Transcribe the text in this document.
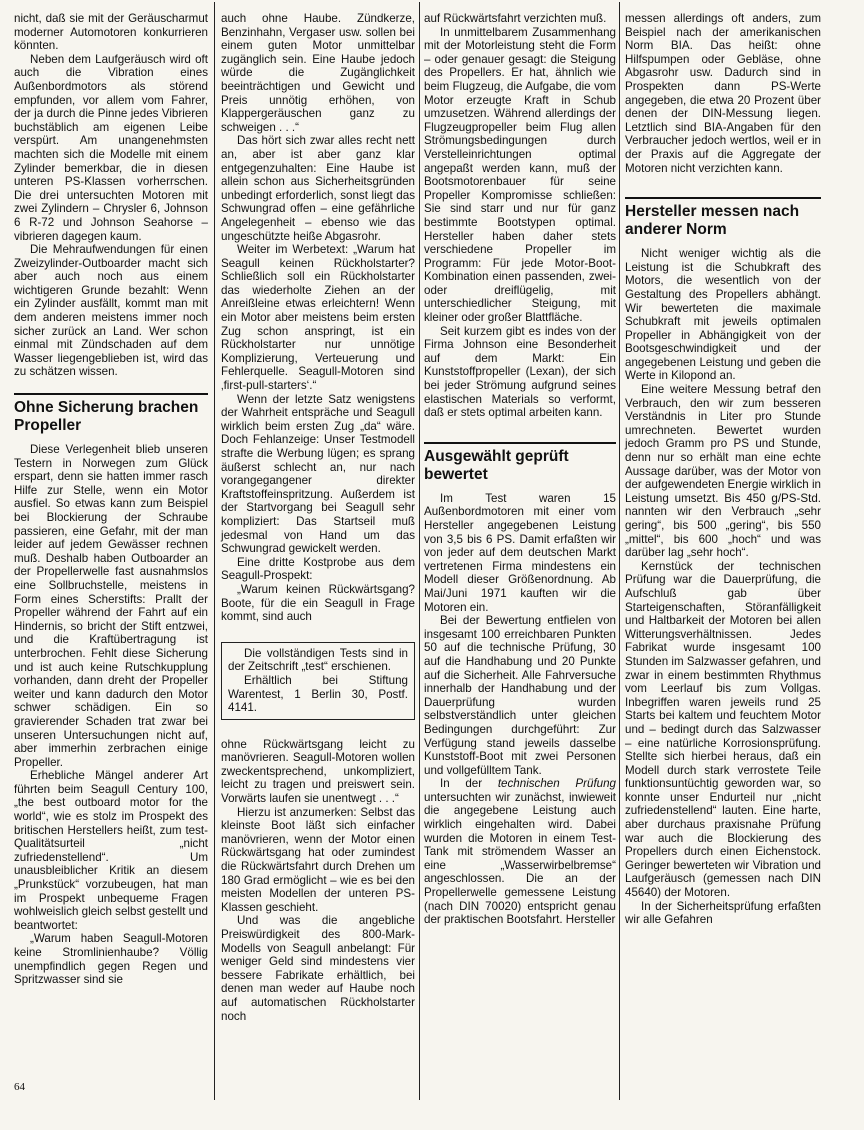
nicht, daß sie mit der Geräuscharmut moderner Automotoren konkurrieren könnten.

Neben dem Laufgeräusch wird oft auch die Vibration eines Außenbordmotors als störend empfunden, vor allem vom Fahrer, der ja durch die Pinne jedes Vibrieren buchstäblich am eigenen Leibe verspürt. Am unangenehmsten machten sich die Modelle mit einem Zylinder bemerkbar, die in diesen unteren PS-Klassen vorherrschen. Die drei untersuchten Motoren mit zwei Zylindern – Chrysler 6, Johnson 6 R-72 und Johnson Seahorse – vibrieren dagegen kaum.

Die Mehraufwendungen für einen Zweizylinder-Outboarder macht sich aber auch noch aus einem wichtigeren Grunde bezahlt: Wenn ein Zylinder ausfällt, kommt man mit dem anderen meistens immer noch sicher zurück an Land. Wer schon einmal mit Zündschaden auf dem Wasser liegengeblieben ist, wird das zu schätzen wissen.

Ohne Sicherung brachen Propeller

Diese Verlegenheit blieb unseren Testern in Norwegen zum Glück erspart, denn sie hatten immer rasch Hilfe zur Stelle, wenn ein Motor ausfiel. So etwas kann zum Beispiel bei Blockierung der Schraube passieren, eine Gefahr, mit der man leider auf jedem Gewässer rechnen muß. Deshalb haben Outboarder an der Propellerwelle fast ausnahmslos eine Sollbruchstelle, meistens in Form eines Scherstifts: Prallt der Propeller während der Fahrt auf ein Hindernis, so bricht der Stift entzwei, und die Kraftübertragung ist unterbrochen. Fehlt diese Sicherung und ist auch keine Rutschkupplung vorhanden, dann dreht der Propeller weiter und kann dadurch den Motor schwer schädigen. Ein so gravierender Schaden trat zwar bei unseren Untersuchungen nicht auf, aber immerhin zerbrachen einige Propeller.

Erhebliche Mängel anderer Art führten beim Seagull Century 100, „the best outboard motor for the world“, wie es stolz im Prospekt des britischen Herstellers heißt, zum test-Qualitätsurteil „nicht zufriedenstellend“. Um unausbleiblicher Kritik an diesem „Prunkstück“ vorzubeugen, hat man im Prospekt unbequeme Fragen wohlweislich gleich selbst gestellt und beantwortet:

„Warum haben Seagull-Motoren keine Stromlinienhaube? Völlig unempfindlich gegen Regen und Spritzwasser sind sie

auch ohne Haube. Zündkerze, Benzinhahn, Vergaser usw. sollen bei einem guten Motor unmittelbar zugänglich sein. Eine Haube jedoch würde die Zugänglichkeit beeinträchtigen und Gewicht und Preis unnötig erhöhen, von Klappergeräuschen ganz zu schweigen . . .“

Das hört sich zwar alles recht nett an, aber ist aber ganz klar entgegenzuhalten: Eine Haube ist allein schon aus Sicherheitsgründen unbedingt erforderlich, sonst liegt das Schwungrad offen – eine gefährliche Angelegenheit – ebenso wie das ungeschützte heiße Abgasrohr.

Weiter im Werbetext: „Warum hat Seagull keinen Rückholstarter? Schließlich soll ein Rückholstarter das wiederholte Ziehen an der Anreißleine etwas erleichtern! Wenn ein Motor aber meistens beim ersten Zug schon anspringt, ist ein Rückholstarter nur unnötige Komplizierung, Verteuerung und Fehlerquelle. Seagull-Motoren sind ‚first-pull-starters‘.“

Wenn der letzte Satz wenigstens der Wahrheit entspräche und Seagull wirklich beim ersten Zug „da“ wäre. Doch Fehlanzeige: Unser Testmodell strafte die Werbung lügen; es sprang äußerst schlecht an, nur nach vorangegangener direkter Kraftstoffeinspritzung. Außerdem ist der Startvorgang bei Seagull sehr kompliziert: Das Startseil muß jedesmal von Hand um das Schwungrad gewickelt werden.

Eine dritte Kostprobe aus dem Seagull-Prospekt:

„Warum keinen Rückwärtsgang? Boote, für die ein Seagull in Frage kommt, sind auch

Die vollständigen Tests sind in der Zeitschrift „test“ erschienen.

Erhältlich bei Stiftung Warentest, 1 Berlin 30, Postf. 4141.

ohne Rückwärtsgang leicht zu manövrieren. Seagull-Motoren wollen zweckentsprechend, unkompliziert, leicht zu tragen und preiswert sein. Vorwärts laufen sie unentwegt . . .“

Hierzu ist anzumerken: Selbst das kleinste Boot läßt sich einfacher manövrieren, wenn der Motor einen Rückwärtsgang hat oder zumindest die Rückwärtsfahrt durch Drehen um 180 Grad ermöglicht – wie es bei den meisten Modellen der unteren PS-Klassen geschieht.

Und was die angebliche Preiswürdigkeit des 800-Mark-Modells von Seagull anbelangt: Für weniger Geld sind mindestens vier bessere Fabrikate erhältlich, bei denen man weder auf Haube noch auf automatischen Rückholstarter noch

auf Rückwärtsfahrt verzichten muß.

In unmittelbarem Zusammenhang mit der Motorleistung steht die Form – oder genauer gesagt: die Steigung des Propellers. Er hat, ähnlich wie beim Flugzeug, die Aufgabe, die vom Motor erzeugte Kraft in Schub umzusetzen. Während allerdings der Flugzeugpropeller beim Flug allen Strömungsbedingungen durch Verstelleinrichtungen optimal angepaßt werden kann, muß der Bootsmotorenbauer für seine Propeller Kompromisse schließen: Sie sind starr und nur für ganz bestimmte Bootstypen optimal. Hersteller haben daher stets verschiedene Propeller im Programm: Für jede Motor-Boot-Kombination einen passenden, zwei- oder dreiflügelig, mit unterschiedlicher Steigung, mit kleiner oder großer Blattfläche.

Seit kurzem gibt es indes von der Firma Johnson eine Besonderheit auf dem Markt: Ein Kunststoffpropeller (Lexan), der sich bei jeder Strömung aufgrund seines elastischen Materials so verformt, daß er stets optimal arbeiten kann.

Ausgewählt geprüft bewertet

Im Test waren 15 Außenbordmotoren mit einer vom Hersteller angegebenen Leistung von 3,5 bis 6 PS. Damit erfaßten wir von jeder auf dem deutschen Markt vertretenen Firma mindestens ein Modell dieser Größenordnung. Ab Mai/Juni 1971 kauften wir die Motoren ein.

Bei der Bewertung entfielen von insgesamt 100 erreichbaren Punkten 50 auf die technische Prüfung, 30 auf die Handhabung und 20 Punkte auf die Sicherheit. Alle Fahrversuche innerhalb der Handhabung und der Dauerprüfung wurden selbstverständlich unter gleichen Bedingungen durchgeführt: Zur Verfügung stand jeweils dasselbe Kunststoff-Boot mit zwei Personen und vollgefülltem Tank.

In der technischen Prüfung untersuchten wir zunächst, inwieweit die angegebene Leistung auch wirklich eingehalten wird. Dabei wurden die Motoren in einem Test-Tank mit strömendem Wasser an eine „Wasserwirbelbremse“ angeschlossen. Die an der Propellerwelle gemessene Leistung (nach DIN 70020) entspricht genau der praktischen Bootsfahrt. Hersteller

messen allerdings oft anders, zum Beispiel nach der amerikanischen Norm BIA. Das heißt: ohne Hilfspumpen oder Gebläse, ohne Abgasrohr usw. Dadurch sind in Prospekten dann PS-Werte angegeben, die etwa 20 Prozent über denen der DIN-Messung liegen. Letztlich sind BIA-Angaben für den Verbraucher jedoch wertlos, weil er in der Praxis auf die Aggregate der Motoren nicht verzichten kann.

Hersteller messen nach anderer Norm

Nicht weniger wichtig als die Leistung ist die Schubkraft des Motors, die wesentlich von der Gestaltung des Propellers abhängt. Wir bewerteten die maximale Schubkraft mit jeweils optimalen Propeller in Abhängigkeit von der Bootsgeschwindigkeit und der angegebenen Leistung und geben die Werte in Kilopond an.

Eine weitere Messung betraf den Verbrauch, den wir zum besseren Verständnis in Liter pro Stunde umrechneten. Bewertet wurden jedoch Gramm pro PS und Stunde, denn nur so erhält man eine echte Aussage darüber, was der Motor von der aufgewendeten Energie wirklich in Leistung umsetzt. Bis 450 g/PS-Std. nannten wir den Verbrauch „sehr gering“, bis 500 „gering“, bis 550 „mittel“, bis 600 „hoch“ und was darüber lag „sehr hoch“.

Kernstück der technischen Prüfung war die Dauerprüfung, die Aufschluß gab über Starteigenschaften, Störanfälligkeit und Haltbarkeit der Motoren bei allen Witterungsverhältnissen. Jedes Fabrikat wurde insgesamt 100 Stunden im Salzwasser gefahren, und zwar in einem bestimmten Rhythmus vom Leerlauf bis zum Vollgas. Inbegriffen waren jeweils rund 25 Starts bei kaltem und feuchtem Motor und – bedingt durch das Salzwasser – eine natürliche Korrosionsprüfung. Stellte sich hierbei heraus, daß ein Modell durch stark verrostete Teile funktionsuntüchtig geworden war, so konnte unser Endurteil nur „nicht zufriedenstellend“ lauten. Eine harte, aber durchaus praxisnahe Prüfung war auch die Blockierung des Propellers durch einen Eichenstock. Geringer bewerteten wir Vibration und Laufgeräusch (gemessen nach DIN 45640) der Motoren.

In der Sicherheitsprüfung erfaßten wir alle Gefahren

64
